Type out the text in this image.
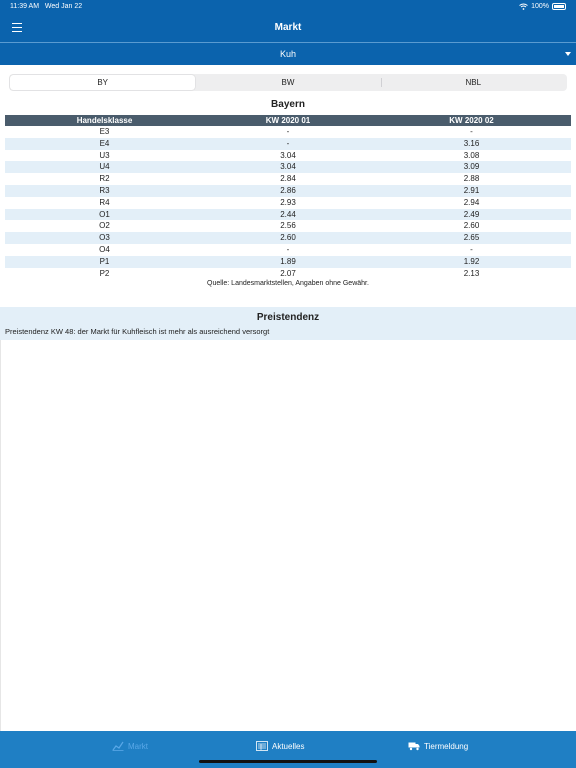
11:39 AM Wed Jan 22	100%
Markt
Kuh
BY	BW	NBL
Bayern
Handelsklasse	KW 2020 01	KW 2020 02
E3	-	-
E4	-	3.16
U3	3.04	3.08
U4	3.04	3.09
R2	2.84	2.88
R3	2.86	2.91
R4	2.93	2.94
O1	2.44	2.49
O2	2.56	2.60
O3	2.60	2.65
O4	-	-
P1	1.89	1.92
P2	2.07	2.13
Quelle: Landesmarktstellen, Angaben ohne Gewähr.
Preistendenz
Preistendenz KW 48: der Markt für Kuhfleisch ist mehr als ausreichend versorgt
Markt	Aktuelles	Tiermeldung
